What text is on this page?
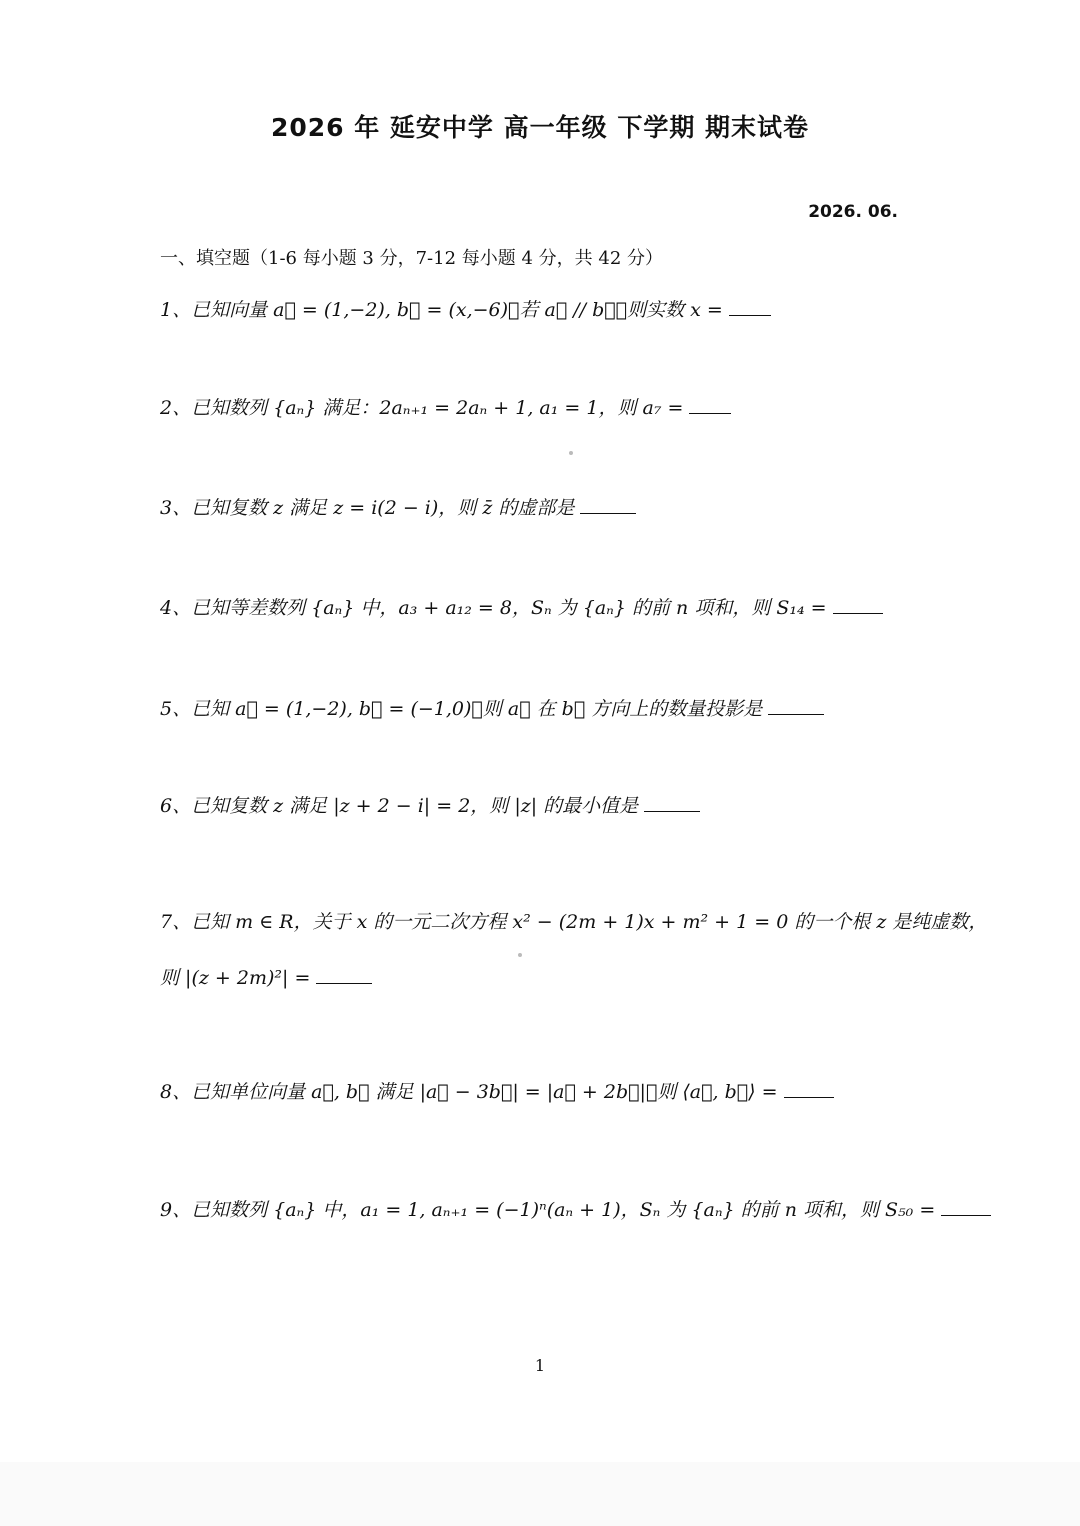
2026 年 延安中学 高一年级 下学期 期末试卷
2026. 06.
一、填空题（1-6 每小题 3 分，7-12 每小题 4 分，共 42 分）
1、已知向量 a⃗ = (1,−2), b⃗ = (x,−6)，若 a⃗ // b⃗，则实数 x =
2、已知数列 {aₙ} 满足：2aₙ₊₁ = 2aₙ + 1, a₁ = 1，则 a₇ =
3、已知复数 z 满足 z = i(2 − i)，则 z̄ 的虚部是
4、已知等差数列 {aₙ} 中，a₃ + a₁₂ = 8，Sₙ 为 {aₙ} 的前 n 项和，则 S₁₄ =
5、已知 a⃗ = (1,−2), b⃗ = (−1,0)，则 a⃗ 在 b⃗ 方向上的数量投影是
6、已知复数 z 满足 |z + 2 − i| = 2，则 |z| 的最小值是
7、已知 m ∈ R，关于 x 的一元二次方程 x² − (2m + 1)x + m² + 1 = 0 的一个根 z 是纯虚数，
则 |(z + 2m)²| =
8、已知单位向量 a⃗, b⃗ 满足 |a⃗ − 3b⃗| = |a⃗ + 2b⃗|，则 ⟨a⃗, b⃗⟩ =
9、已知数列 {aₙ} 中，a₁ = 1, aₙ₊₁ = (−1)ⁿ(aₙ + 1)，Sₙ 为 {aₙ} 的前 n 项和，则 S₅₀ =
1
